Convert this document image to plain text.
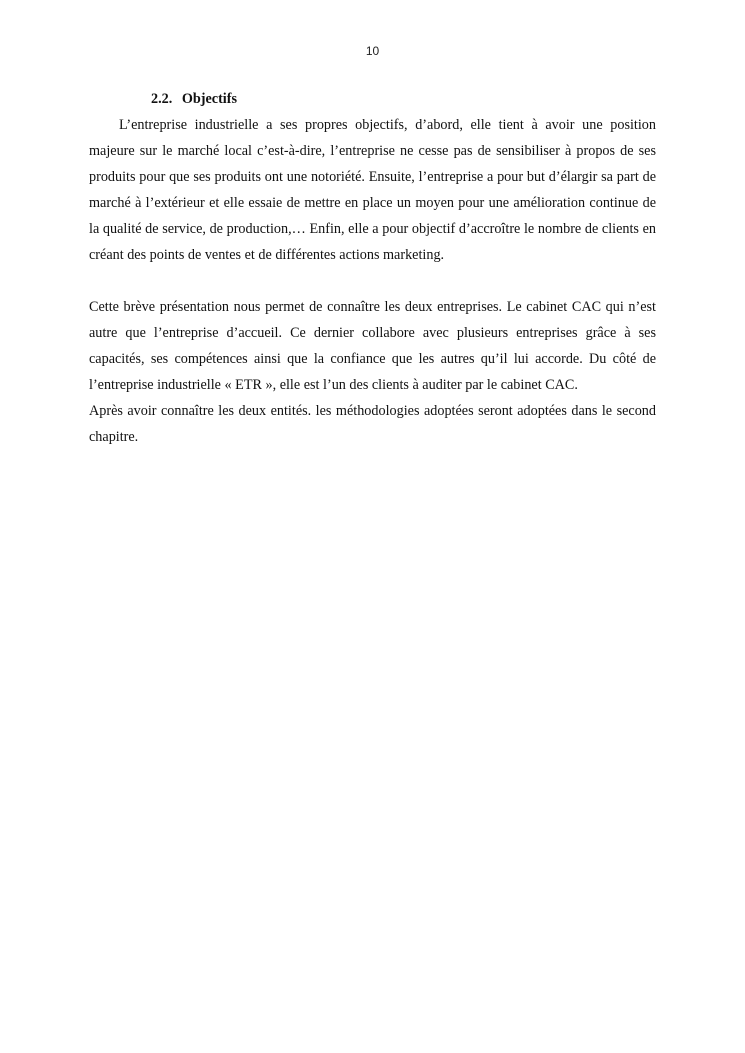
10

2.2. Objectifs

L’entreprise industrielle a ses propres objectifs, d’abord, elle tient à avoir une position majeure sur le marché local c’est-à-dire, l’entreprise ne cesse pas de sensibiliser à propos de ses produits pour que ses produits ont une notoriété. Ensuite, l’entreprise a pour but d’élargir sa part de marché à l’extérieur et elle essaie de mettre en place un moyen pour une amélioration continue de la qualité de service, de production,… Enfin, elle a pour objectif d’accroître le nombre de clients en créant des points de ventes et de différentes actions marketing.

Cette brève présentation nous permet de connaître les deux entreprises. Le cabinet CAC qui n’est autre que l’entreprise d’accueil. Ce dernier collabore avec plusieurs entreprises grâce à ses capacités, ses compétences ainsi que la confiance que les autres qu’il lui accorde. Du côté de l’entreprise industrielle « ETR », elle est l’un des clients à auditer par le cabinet CAC.

Après avoir connaître les deux entités. les méthodologies adoptées seront adoptées dans le second chapitre.
